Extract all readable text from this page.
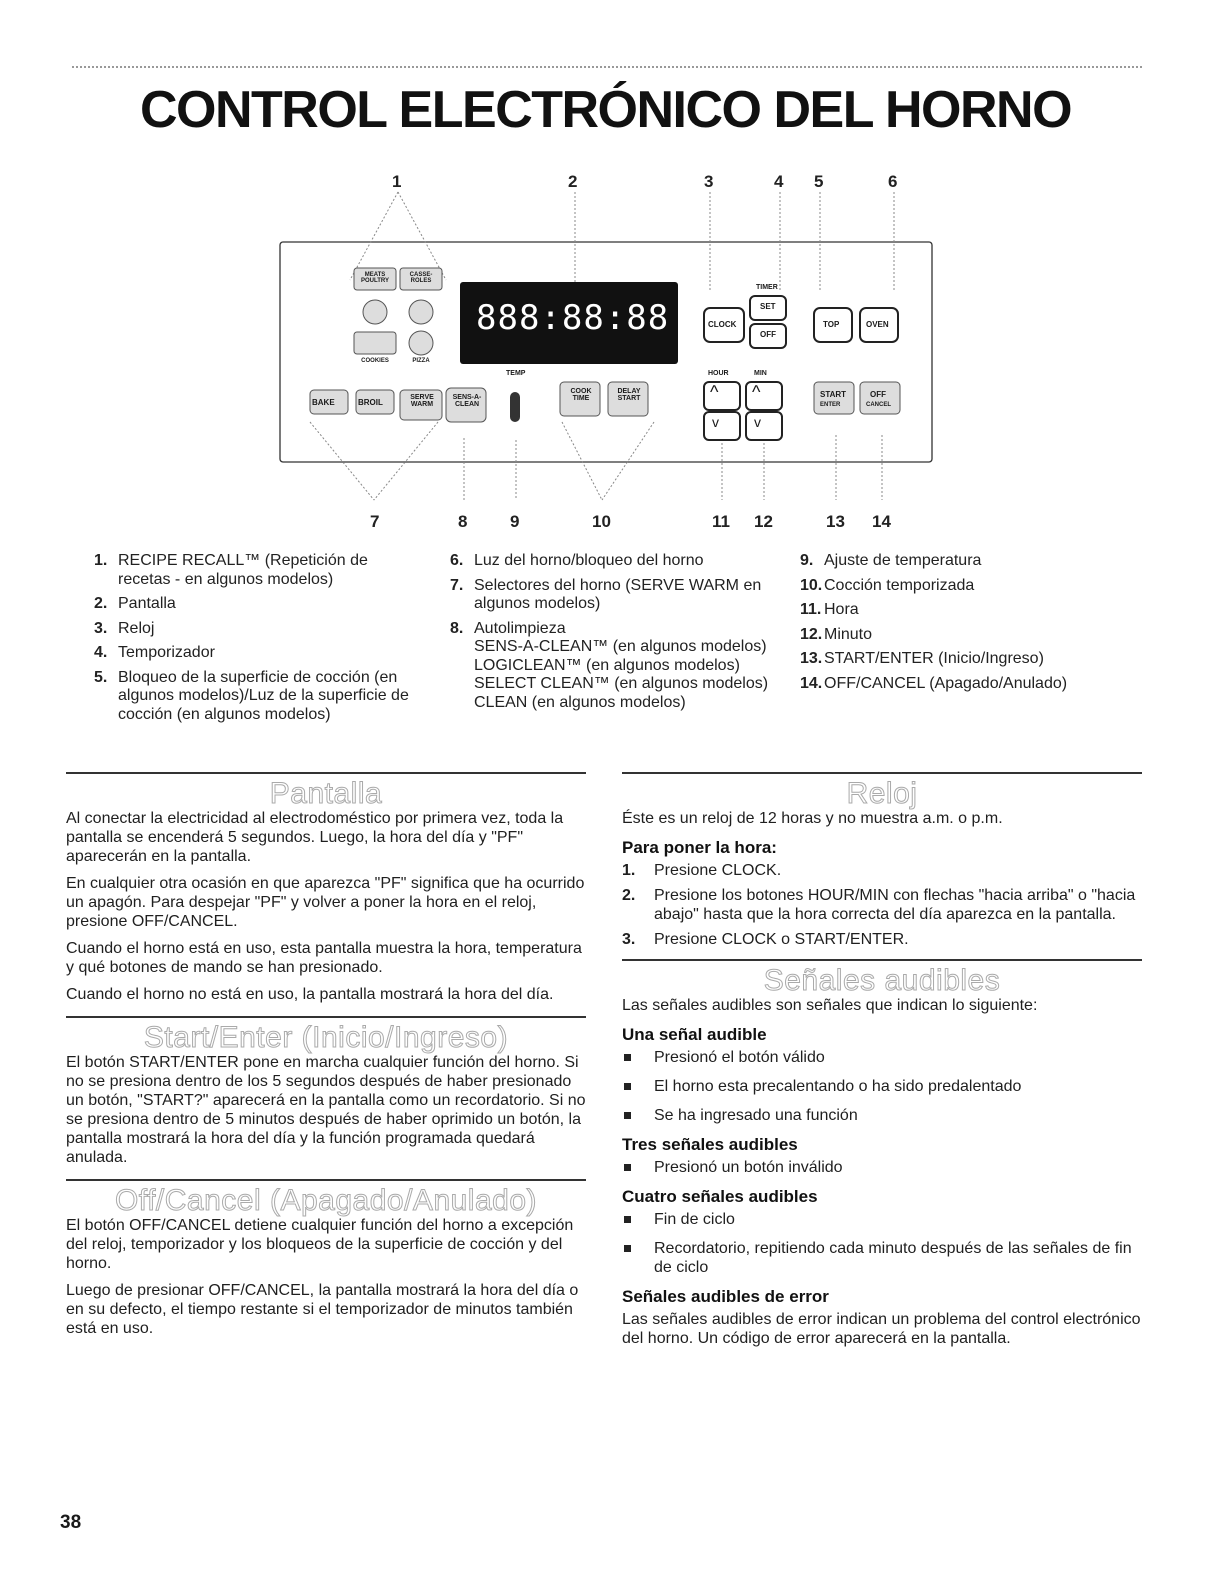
CONTROL ELECTRÓNICO DEL HORNO
1	2	3	4 5	6
7	8	9	10	11 12	13 14
888:88:88	CLOCK
TIMER
SET
OFF
TOP	OVEN
HOUR	MIN
^ ^
v	v
START
ENTER
OFF
CANCEL
MEATS POULTRY
CASSE- ROLES
COOKIES	PIZZA
BAKE	BROIL
SERVE WARM
SENS-A- CLEAN
TEMP
COOK TIME
DELAY START
1. RECIPE RECALL™ (Repetición de recetas - en algunos modelos)
2. Pantalla
3. Reloj
4. Temporizador
5. Bloqueo de la superficie de cocción (en algunos modelos)/Luz de la superficie de cocción (en algunos modelos)
6. Luz del horno/bloqueo del horno
7. Selectores del horno (SERVE WARM en algunos modelos)
8. Autolimpieza
SENS-A-CLEAN™ (en algunos modelos)
LOGICLEAN™ (en algunos modelos)
SELECT CLEAN™ (en algunos modelos)
CLEAN (en algunos modelos)
9. Ajuste de temperatura
10. Cocción temporizada
11. Hora
12. Minuto
13. START/ENTER (Inicio/Ingreso)
14. OFF/CANCEL (Apagado/Anulado)
Pantalla

Al conectar la electricidad al electrodoméstico por primera vez, toda la pantalla se encenderá 5 segundos. Luego, la hora del día y "PF" aparecerán en la pantalla.

En cualquier otra ocasión en que aparezca "PF" significa que ha ocurrido un apagón. Para despejar "PF" y volver a poner la hora en el reloj, presione OFF/CANCEL.

Cuando el horno está en uso, esta pantalla muestra la hora, temperatura y qué botones de mando se han presionado.

Cuando el horno no está en uso, la pantalla mostrará la hora del día.

Start/Enter (Inicio/Ingreso)

El botón START/ENTER pone en marcha cualquier función del horno. Si no se presiona dentro de los 5 segundos después de haber presionado un botón, "START?" aparecerá en la pantalla como un recordatorio. Si no se presiona dentro de 5 minutos después de haber oprimido un botón, la pantalla mostrará la hora del día y la función programada quedará anulada.

Off/Cancel (Apagado/Anulado)

El botón OFF/CANCEL detiene cualquier función del horno a excepción del reloj, temporizador y los bloqueos de la superficie de cocción y del horno.

Luego de presionar OFF/CANCEL, la pantalla mostrará la hora del día o en su defecto, el tiempo restante si el temporizador de minutos también está en uso.

Reloj

Éste es un reloj de 12 horas y no muestra a.m. o p.m.

Para poner la hora:
1. Presione CLOCK.
2. Presione los botones HOUR/MIN con flechas "hacia arriba" o "hacia abajo" hasta que la hora correcta del día aparezca en la pantalla.
3. Presione CLOCK o START/ENTER.
Señales audibles

Las señales audibles son señales que indican lo siguiente:

Una señal audible
Presionó el botón válido
El horno esta precalentando o ha sido predalentado
Se ha ingresado una función
Tres señales audibles
Presionó un botón inválido
Cuatro señales audibles
Fin de ciclo
Recordatorio, repitiendo cada minuto después de las señales de fin de ciclo
Señales audibles de error

Las señales audibles de error indican un problema del control electrónico del horno. Un código de error aparecerá en la pantalla.

38
